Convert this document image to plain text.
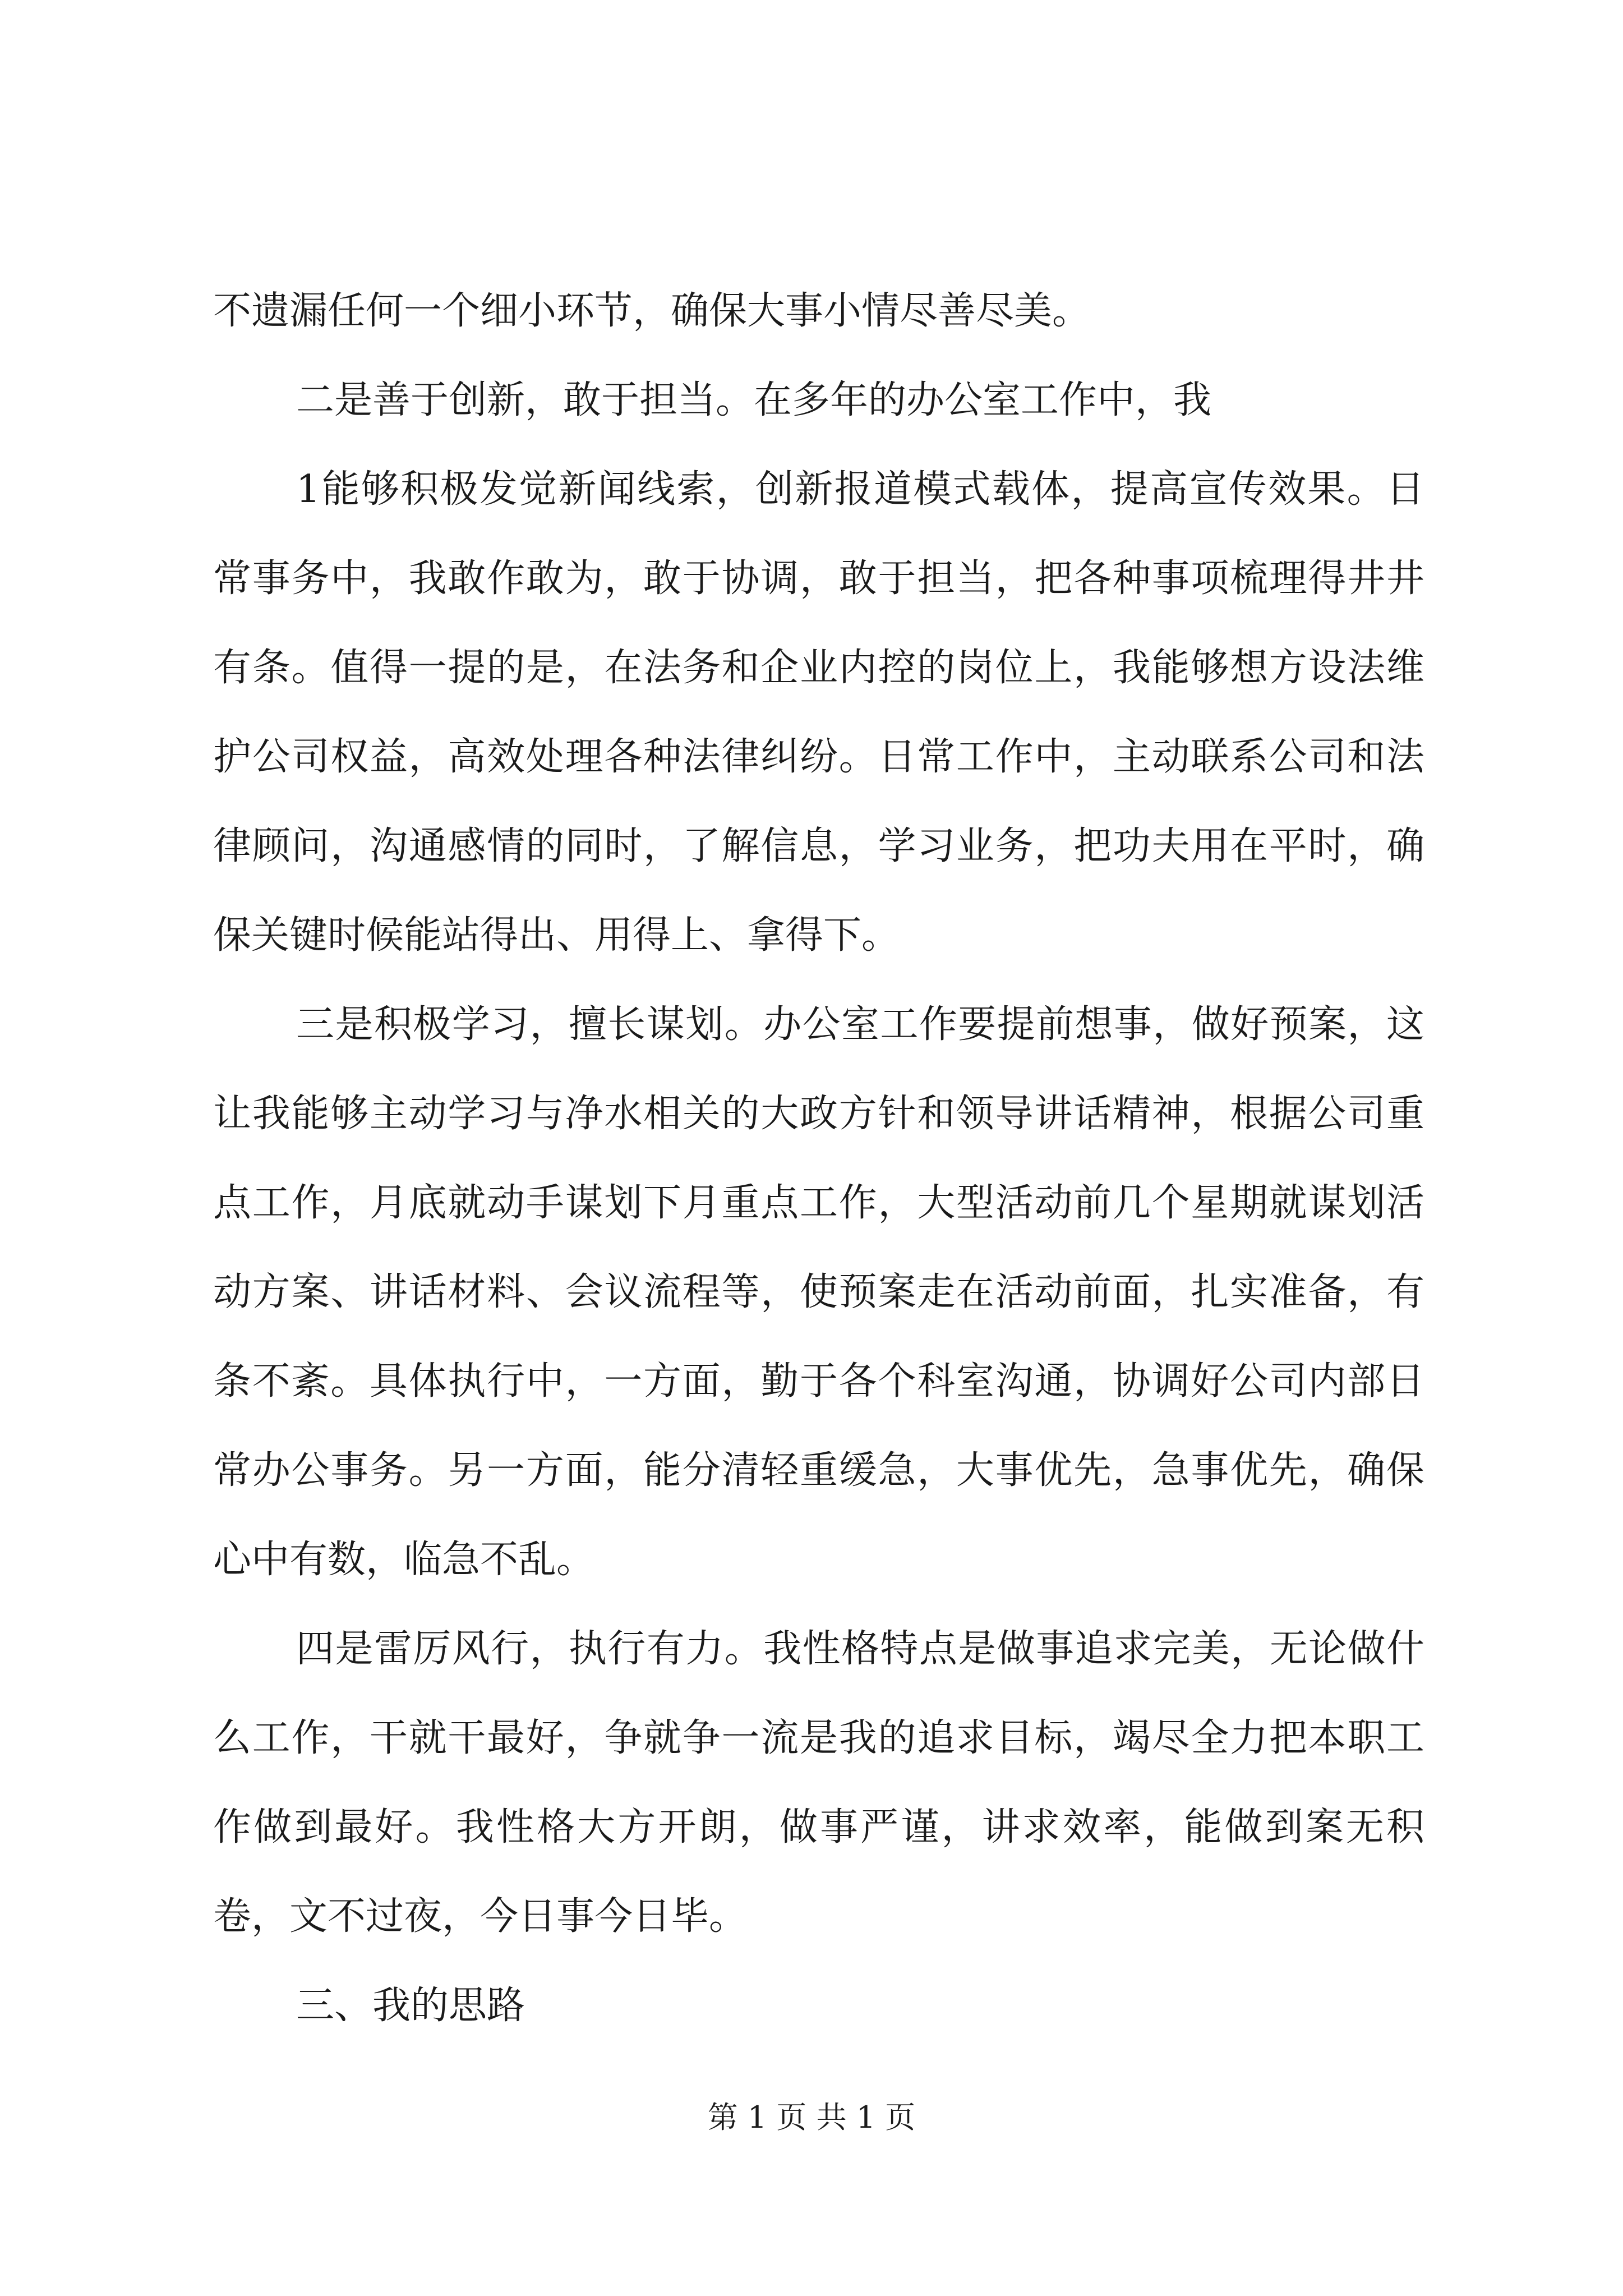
不遗漏任何一个细小环节，确保大事小情尽善尽美。

二是善于创新，敢于担当。在多年的办公室工作中，我

1能够积极发觉新闻线索，创新报道模式载体，提高宣传效果。日常事务中，我敢作敢为，敢于协调，敢于担当，把各种事项梳理得井井有条。值得一提的是，在法务和企业内控的岗位上，我能够想方设法维护公司权益，高效处理各种法律纠纷。日常工作中，主动联系公司和法律顾问，沟通感情的同时，了解信息，学习业务，把功夫用在平时，确保关键时候能站得出、用得上、拿得下。

三是积极学习，擅长谋划。办公室工作要提前想事，做好预案，这让我能够主动学习与净水相关的大政方针和领导讲话精神，根据公司重点工作，月底就动手谋划下月重点工作，大型活动前几个星期就谋划活动方案、讲话材料、会议流程等，使预案走在活动前面，扎实准备，有条不紊。具体执行中，一方面，勤于各个科室沟通，协调好公司内部日常办公事务。另一方面，能分清轻重缓急，大事优先，急事优先，确保心中有数，临急不乱。

四是雷厉风行，执行有力。我性格特点是做事追求完美，无论做什么工作，干就干最好，争就争一流是我的追求目标，竭尽全力把本职工作做到最好。我性格大方开朗，做事严谨，讲求效率，能做到案无积卷，文不过夜，今日事今日毕。

三、我的思路

第 1 页 共 1 页
